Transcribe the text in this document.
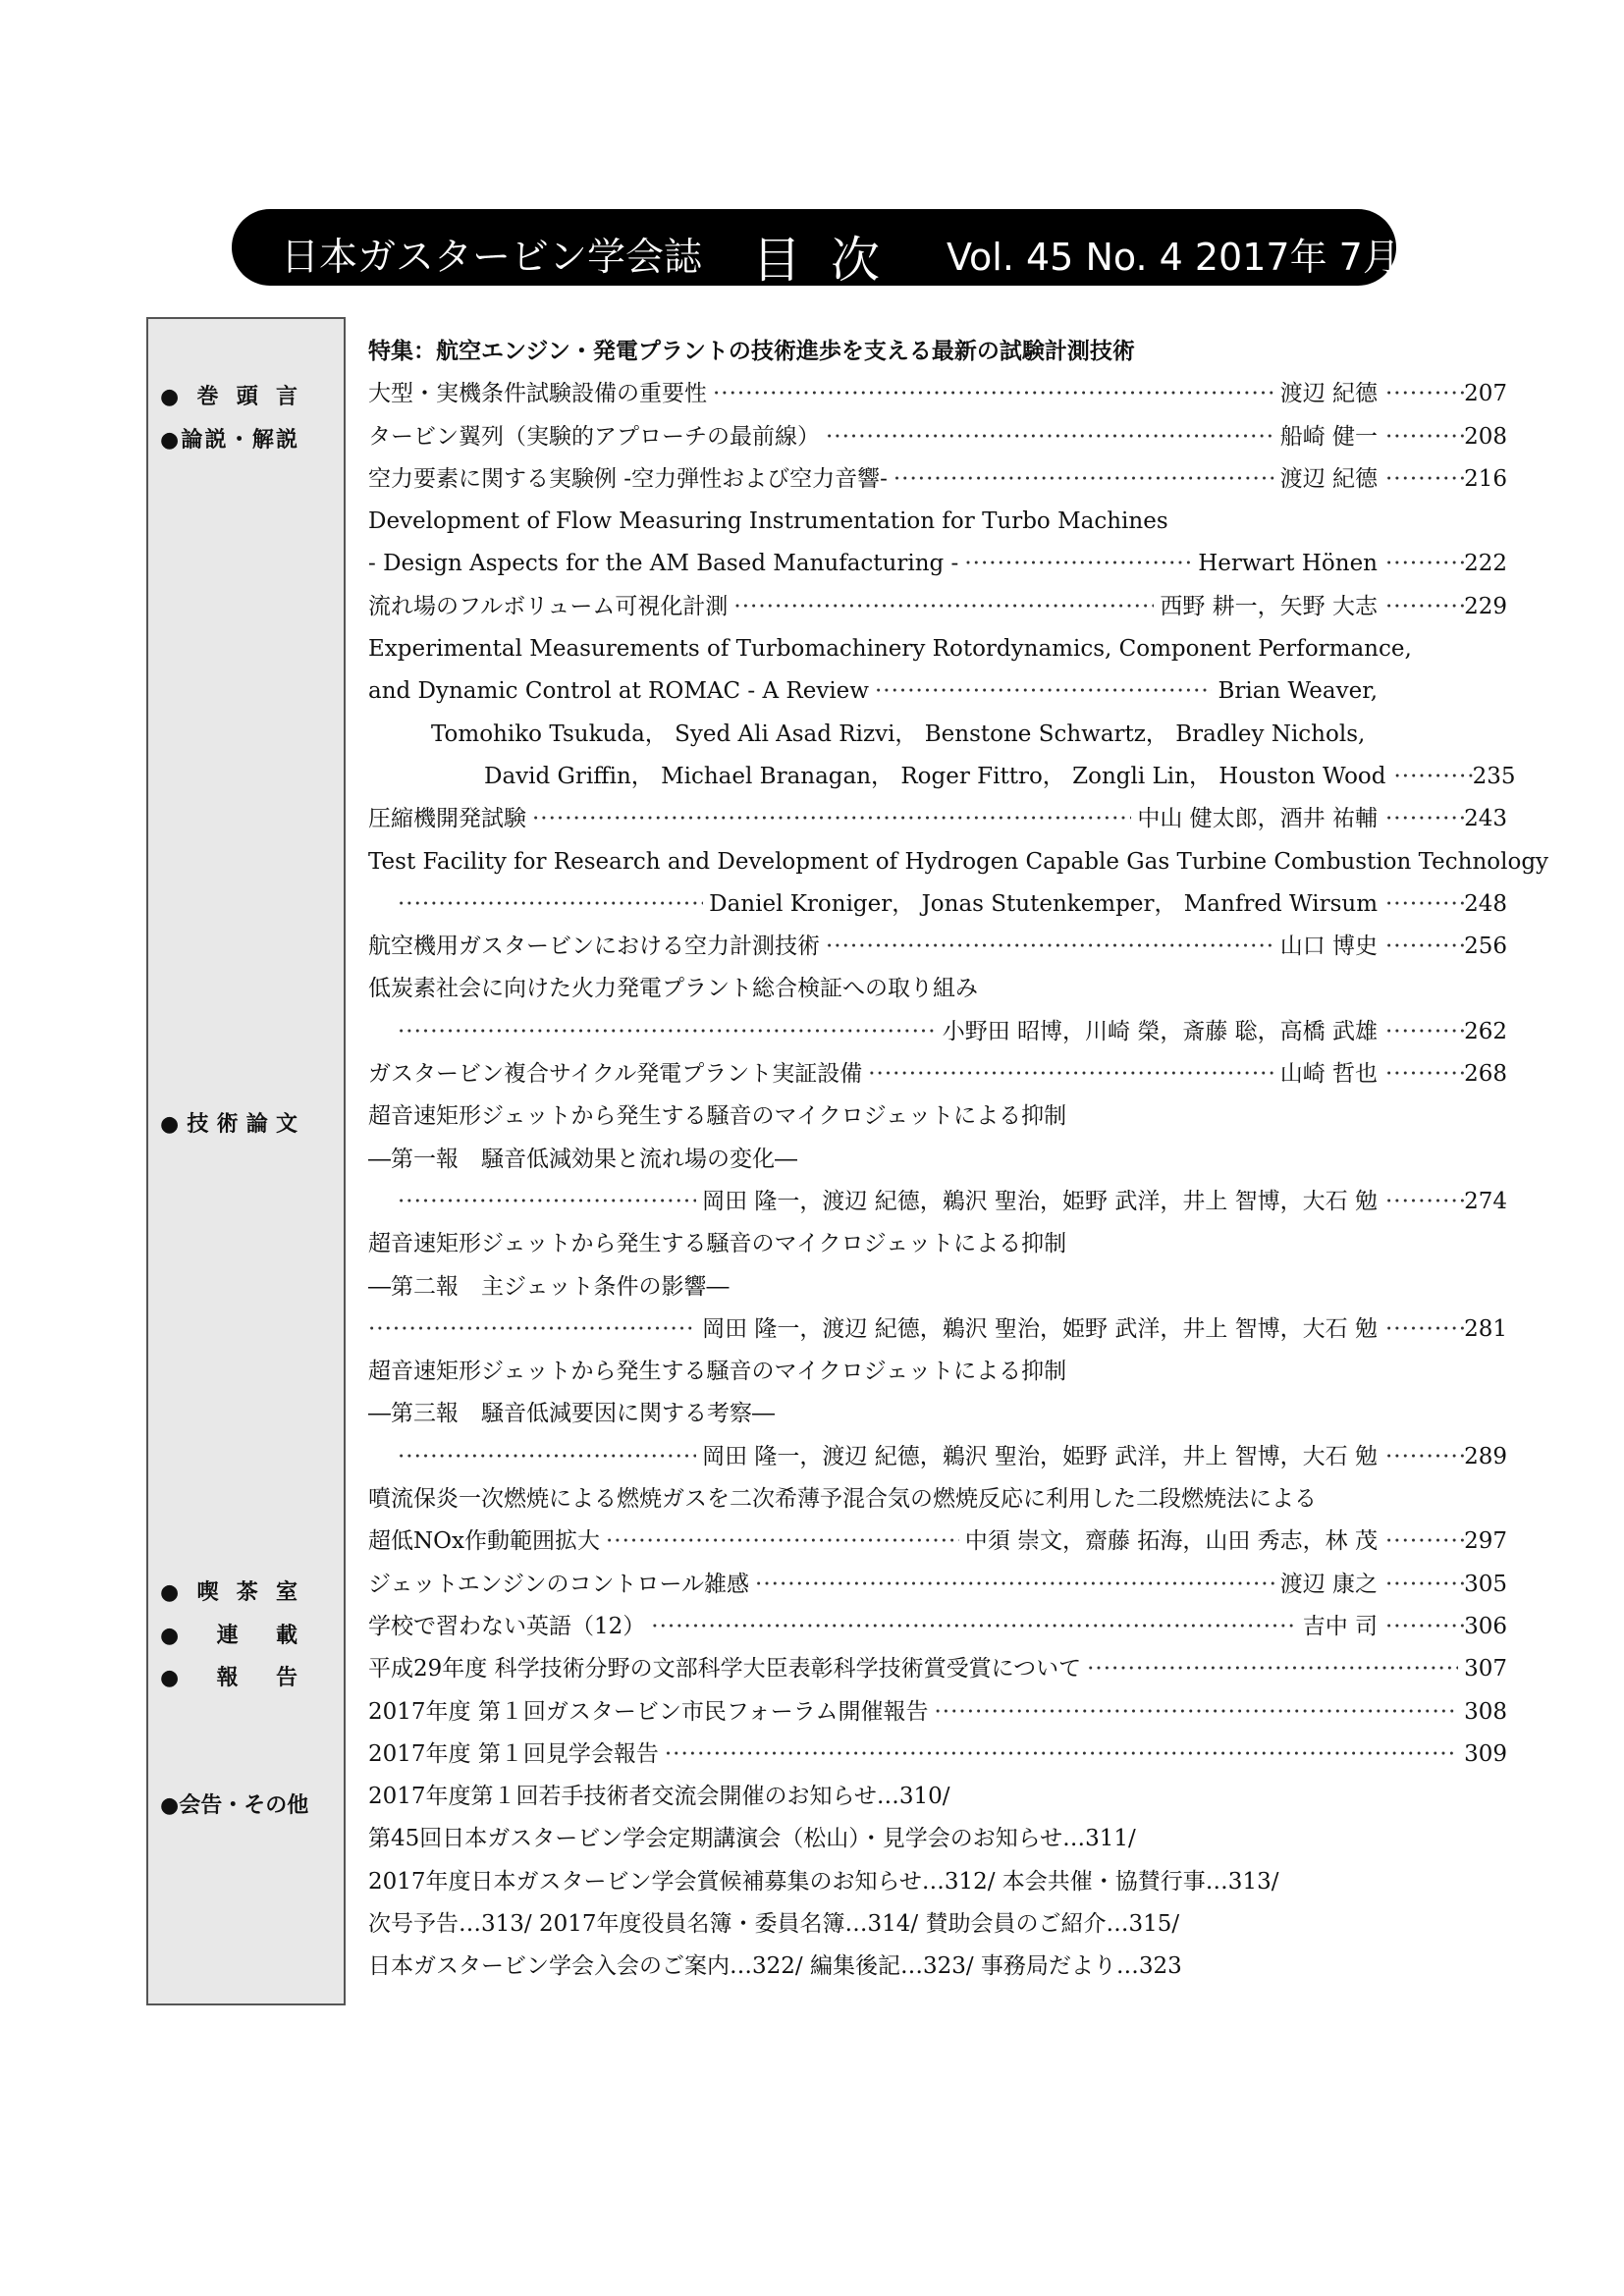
日本ガスタービン学会誌 目次 Vol. 45 No. 4 2017年 7月
●巻頭言
●論説・解説
●技術論文
●喫茶室
●連載
●報告
●会告・その他
特集：航空エンジン・発電プラントの技術進歩を支える最新の試験計測技術
大型・実機条件試験設備の重要性 ·····	渡辺 紀德 ·····	207
タービン翼列（実験的アプローチの最前線） ·····	船崎 健一 ·····	208
空力要素に関する実験例 -空力弾性および空力音響- ·····	渡辺 紀德 ·····	216
Development of Flow Measuring Instrumentation for Turbo Machines
- Design Aspects for the AM Based Manufacturing - ·····	Herwart Hönen ·····	222
流れ場のフルボリューム可視化計測 ·····	西野 耕一，矢野 大志 ·····	229
Experimental Measurements of Turbomachinery Rotordynamics, Component Performance,
and Dynamic Control at ROMAC - A Review ·····	Brian Weaver,
Tomohiko Tsukuda， Syed Ali Asad Rizvi， Benstone Schwartz， Bradley Nichols,
David Griffin， Michael Branagan， Roger Fittro， Zongli Lin， Houston Wood ·····	235
圧縮機開発試験 ·····	中山 健太郎，酒井 祐輔 ·····	243
Test Facility for Research and Development of Hydrogen Capable Gas Turbine Combustion Technology
·····
Daniel Kroniger， Jonas Stutenkemper， Manfred Wirsum ·····	248
航空機用ガスタービンにおける空力計測技術 ·····	山口 博史 ·····	256
低炭素社会に向けた火力発電プラント総合検証への取り組み
·····
小野田 昭博，川崎 榮，斎藤 聡，高橋 武雄 ·····	262
ガスタービン複合サイクル発電プラント実証設備 ·····	山崎 哲也 ·····	268
超音速矩形ジェットから発生する騒音のマイクロジェットによる抑制
―第一報　騒音低減効果と流れ場の変化―
·····
岡田 隆一，渡辺 紀德，鵜沢 聖治，姫野 武洋，井上 智博，大石 勉 ·····	274
超音速矩形ジェットから発生する騒音のマイクロジェットによる抑制
―第二報　主ジェット条件の影響―
·····
岡田 隆一，渡辺 紀德，鵜沢 聖治，姫野 武洋，井上 智博，大石 勉 ·····	281
超音速矩形ジェットから発生する騒音のマイクロジェットによる抑制
―第三報　騒音低減要因に関する考察―
·····
岡田 隆一，渡辺 紀德，鵜沢 聖治，姫野 武洋，井上 智博，大石 勉 ·····	289
噴流保炎一次燃焼による燃焼ガスを二次希薄予混合気の燃焼反応に利用した二段燃焼法による
超低NOx作動範囲拡大 ·····	中須 崇文，齋藤 拓海，山田 秀志，林 茂 ·····	297
ジェットエンジンのコントロール雑感 ·····	渡辺 康之 ·····	305
学校で習わない英語（12） ·····	吉中 司 ·····	306
平成29年度 科学技術分野の文部科学大臣表彰科学技術賞受賞について ·····	307
2017年度 第１回ガスタービン市民フォーラム開催報告 ·····	308
2017年度 第１回見学会報告 ·····	309
2017年度第１回若手技術者交流会開催のお知らせ…310/
第45回日本ガスタービン学会定期講演会（松山）・見学会のお知らせ…311/
2017年度日本ガスタービン学会賞候補募集のお知らせ…312/ 本会共催・協賛行事…313/
次号予告…313/ 2017年度役員名簿・委員名簿…314/ 賛助会員のご紹介…315/
日本ガスタービン学会入会のご案内…322/ 編集後記…323/ 事務局だより…323
